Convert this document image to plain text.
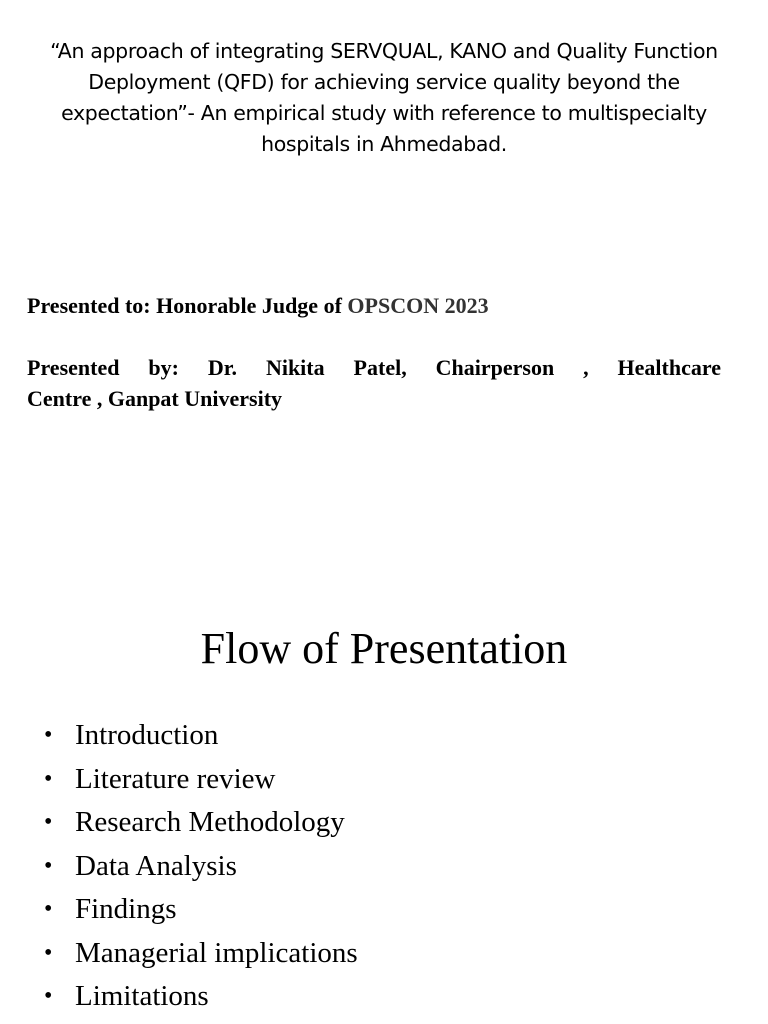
“An approach of integrating SERVQUAL, KANO and Quality Function
Deployment (QFD) for achieving service quality beyond the
expectation”- An empirical study with reference to multispecialty
hospitals in Ahmedabad.
Presented to: Honorable Judge of OPSCON 2023
Presented by: Dr. Nikita Patel, Chairperson , Healthcare
Centre , Ganpat University
Flow of Presentation
• Introduction
• Literature review
• Research Methodology
• Data Analysis
• Findings
• Managerial implications
• Limitations
